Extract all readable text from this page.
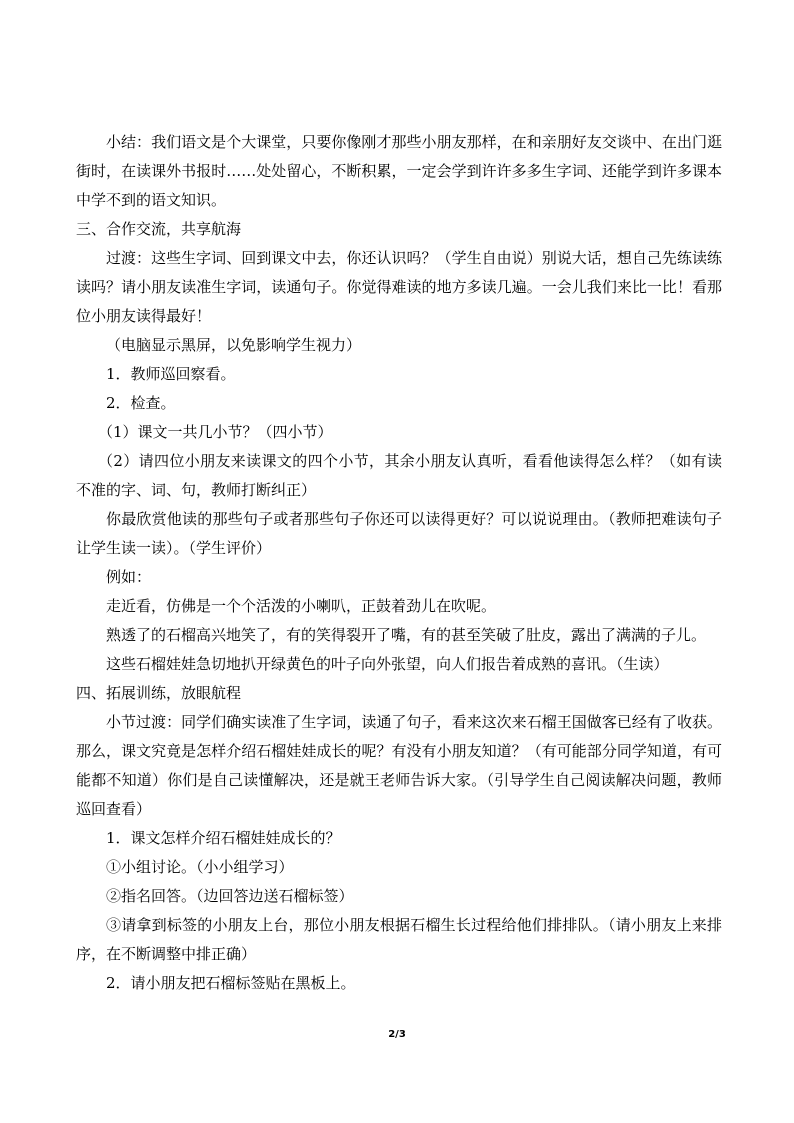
小结：我们语文是个大课堂，只要你像刚才那些小朋友那样，在和亲朋好友交谈中、在出门逛街时，在读课外书报时……处处留心，不断积累，一定会学到许许多多生字词、还能学到许多课本中学不到的语文知识。

三、合作交流，共享航海

过渡：这些生字词、回到课文中去，你还认识吗？（学生自由说）别说大话，想自己先练读练读吗？请小朋友读准生字词，读通句子。你觉得难读的地方多读几遍。一会儿我们来比一比！看那位小朋友读得最好！

（电脑显示黑屏，以免影响学生视力）

1．教师巡回察看。

2．检查。

（1）课文一共几小节？（四小节）

（2）请四位小朋友来读课文的四个小节，其余小朋友认真听，看看他读得怎么样？（如有读不准的字、词、句，教师打断纠正）

你最欣赏他读的那些句子或者那些句子你还可以读得更好？可以说说理由。（教师把难读句子让学生读一读）。（学生评价）

例如：

走近看，仿佛是一个个活泼的小喇叭，正鼓着劲儿在吹呢。

熟透了的石榴高兴地笑了，有的笑得裂开了嘴，有的甚至笑破了肚皮，露出了满满的子儿。

这些石榴娃娃急切地扒开绿黄色的叶子向外张望，向人们报告着成熟的喜讯。（生读）

四、拓展训练，放眼航程

小节过渡：同学们确实读准了生字词，读通了句子，看来这次来石榴王国做客已经有了收获。那么，课文究竟是怎样介绍石榴娃娃成长的呢？有没有小朋友知道？（有可能部分同学知道，有可能都不知道）你们是自己读懂解决，还是就王老师告诉大家。（引导学生自己阅读解决问题，教师巡回查看）

1．课文怎样介绍石榴娃娃成长的？

①小组讨论。（小小组学习）

②指名回答。（边回答边送石榴标签）

③请拿到标签的小朋友上台，那位小朋友根据石榴生长过程给他们排排队。（请小朋友上来排序，在不断调整中排正确）

2．请小朋友把石榴标签贴在黑板上。

2/3
